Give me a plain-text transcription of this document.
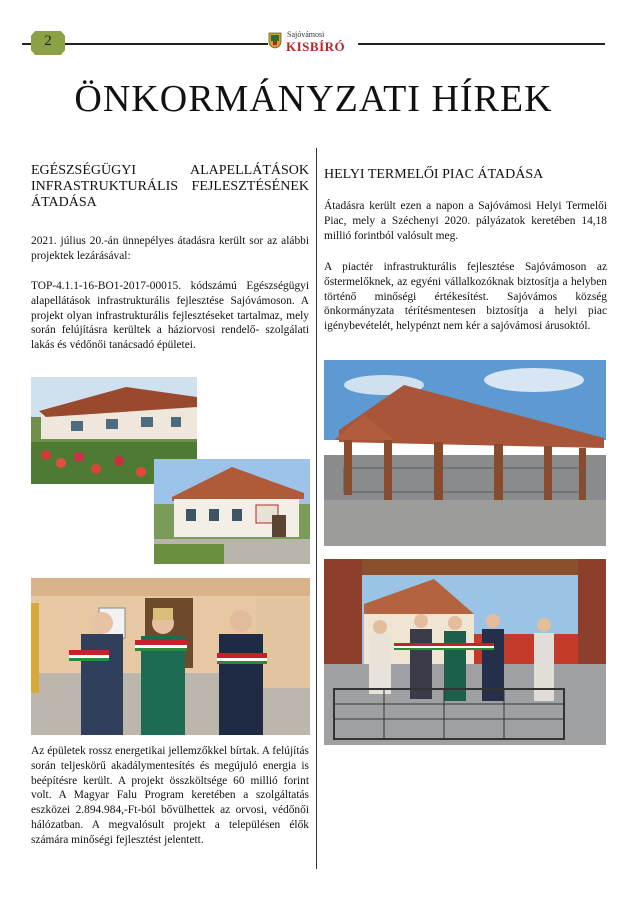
2	Sajóvámosi
KISBÍRÓ
ÖNKORMÁNYZATI HÍREK
EGÉSZSÉGÜGYI ALAPELLÁTÁSOK INFRASTRUKTURÁLIS FEJLESZTÉSÉNEK ÁTADÁSA

2021. július 20.-án ünnepélyes átadásra került sor az alábbi projektek lezárásával:

TOP-4.1.1-16-BO1-2017-00015. kódszámú Egészségügyi alapellátások infrastrukturális fejlesztése Sajóvámoson. A projekt olyan infrastrukturális fejlesztéseket tartalmaz, mely során felújításra kerültek a háziorvosi rendelő- szolgálati lakás és védőnői tanácsadó épületei.

Az épületek rossz energetikai jellemzőkkel bírtak. A felújítás során teljeskörű akadálymentesítés és megújuló energia is beépítésre került. A projekt összköltsége 60 millió forint volt. A Magyar Falu Program keretében a szolgáltatás eszközei 2.894.984,-Ft-ból bővülhettek az orvosi, védőnői hálózatban. A megvalósult projekt a településen élők számára minőségi fejlesztést jelentett.

HELYI TERMELŐI PIAC ÁTADÁSA

Átadásra került ezen a napon a Sajóvámosi Helyi Termelői Piac, mely a Széchenyi 2020. pályázatok keretében 14,18 millió forintból valósult meg.

A piactér infrastrukturális fejlesztése Sajóvámoson az őstermelőknek, az egyéni vállalkozóknak biztosítja a helyben történő minőségi értékesítést. Sajóvámos község önkormányzata térítésmentesen biztosítja a helyi piac igénybevételét, helypénzt nem kér a sajóvámosi árusoktól.
